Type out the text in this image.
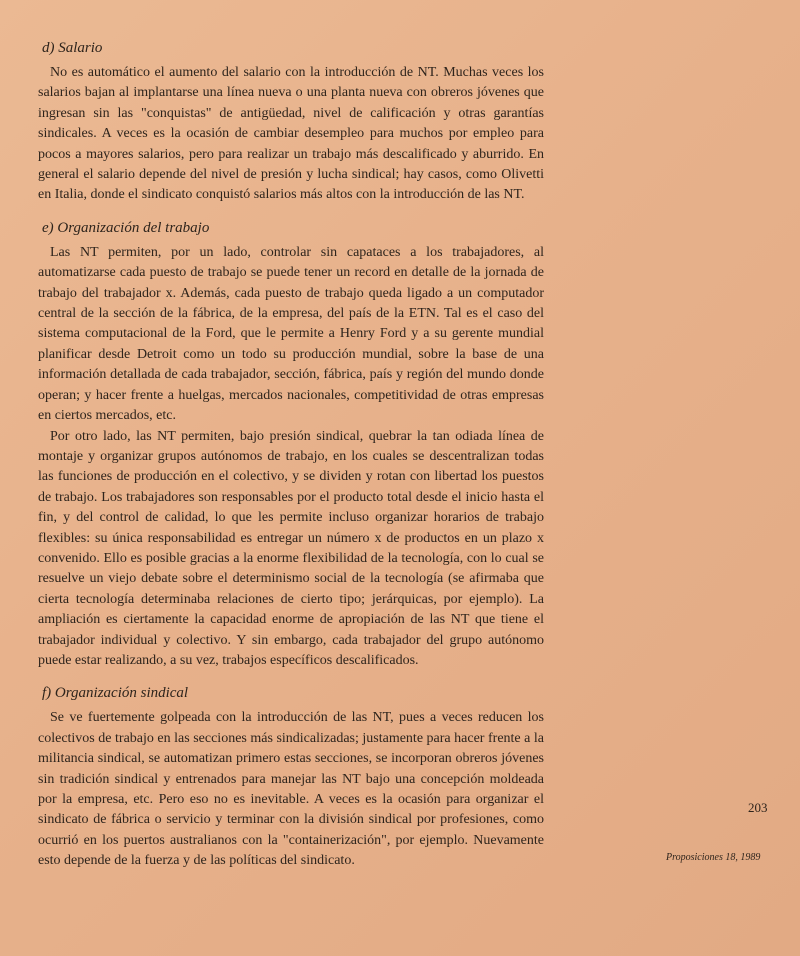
d) Salario

No es automático el aumento del salario con la introducción de NT. Muchas veces los salarios bajan al implantarse una línea nueva o una planta nueva con obreros jóvenes que ingresan sin las "conquistas" de antigüedad, nivel de calificación y otras garantías sindicales. A veces es la ocasión de cambiar desempleo para muchos por empleo para pocos a mayores salarios, pero para realizar un trabajo más descalificado y aburrido. En general el salario depende del nivel de presión y lucha sindical; hay casos, como Olivetti en Italia, donde el sindicato conquistó salarios más altos con la introducción de las NT.

e) Organización del trabajo

Las NT permiten, por un lado, controlar sin capataces a los trabajadores, al automatizarse cada puesto de trabajo se puede tener un record en detalle de la jornada de trabajo del trabajador x. Además, cada puesto de trabajo queda ligado a un computador central de la sección de la fábrica, de la empresa, del país de la ETN. Tal es el caso del sistema computacional de la Ford, que le permite a Henry Ford y a su gerente mundial planificar desde Detroit como un todo su producción mundial, sobre la base de una información detallada de cada trabajador, sección, fábrica, país y región del mundo donde operan; y hacer frente a huelgas, mercados nacionales, competitividad de otras empresas en ciertos mercados, etc.

Por otro lado, las NT permiten, bajo presión sindical, quebrar la tan odiada línea de montaje y organizar grupos autónomos de trabajo, en los cuales se descentralizan todas las funciones de producción en el colectivo, y se dividen y rotan con libertad los puestos de trabajo. Los trabajadores son responsables por el producto total desde el inicio hasta el fin, y del control de calidad, lo que les permite incluso organizar horarios de trabajo flexibles: su única responsabilidad es entregar un número x de productos en un plazo x convenido. Ello es posible gracias a la enorme flexibilidad de la tecnología, con lo cual se resuelve un viejo debate sobre el determinismo social de la tecnología (se afirmaba que cierta tecnología determinaba relaciones de cierto tipo; jerárquicas, por ejemplo). La ampliación es ciertamente la capacidad enorme de apropiación de las NT que tiene el trabajador individual y colectivo. Y sin embargo, cada trabajador del grupo autónomo puede estar realizando, a su vez, trabajos específicos descalificados.

f) Organización sindical

Se ve fuertemente golpeada con la introducción de las NT, pues a veces reducen los colectivos de trabajo en las secciones más sindicalizadas; justamente para hacer frente a la militancia sindical, se automatizan primero estas secciones, se incorporan obreros jóvenes sin tradición sindical y entrenados para manejar las NT bajo una concepción moldeada por la empresa, etc. Pero eso no es inevitable. A veces es la ocasión para organizar el sindicato de fábrica o servicio y terminar con la división sindical por profesiones, como ocurrió en los puertos australianos con la "containerización", por ejemplo. Nuevamente esto depende de la fuerza y de las políticas del sindicato.

203
Proposiciones 18, 1989
